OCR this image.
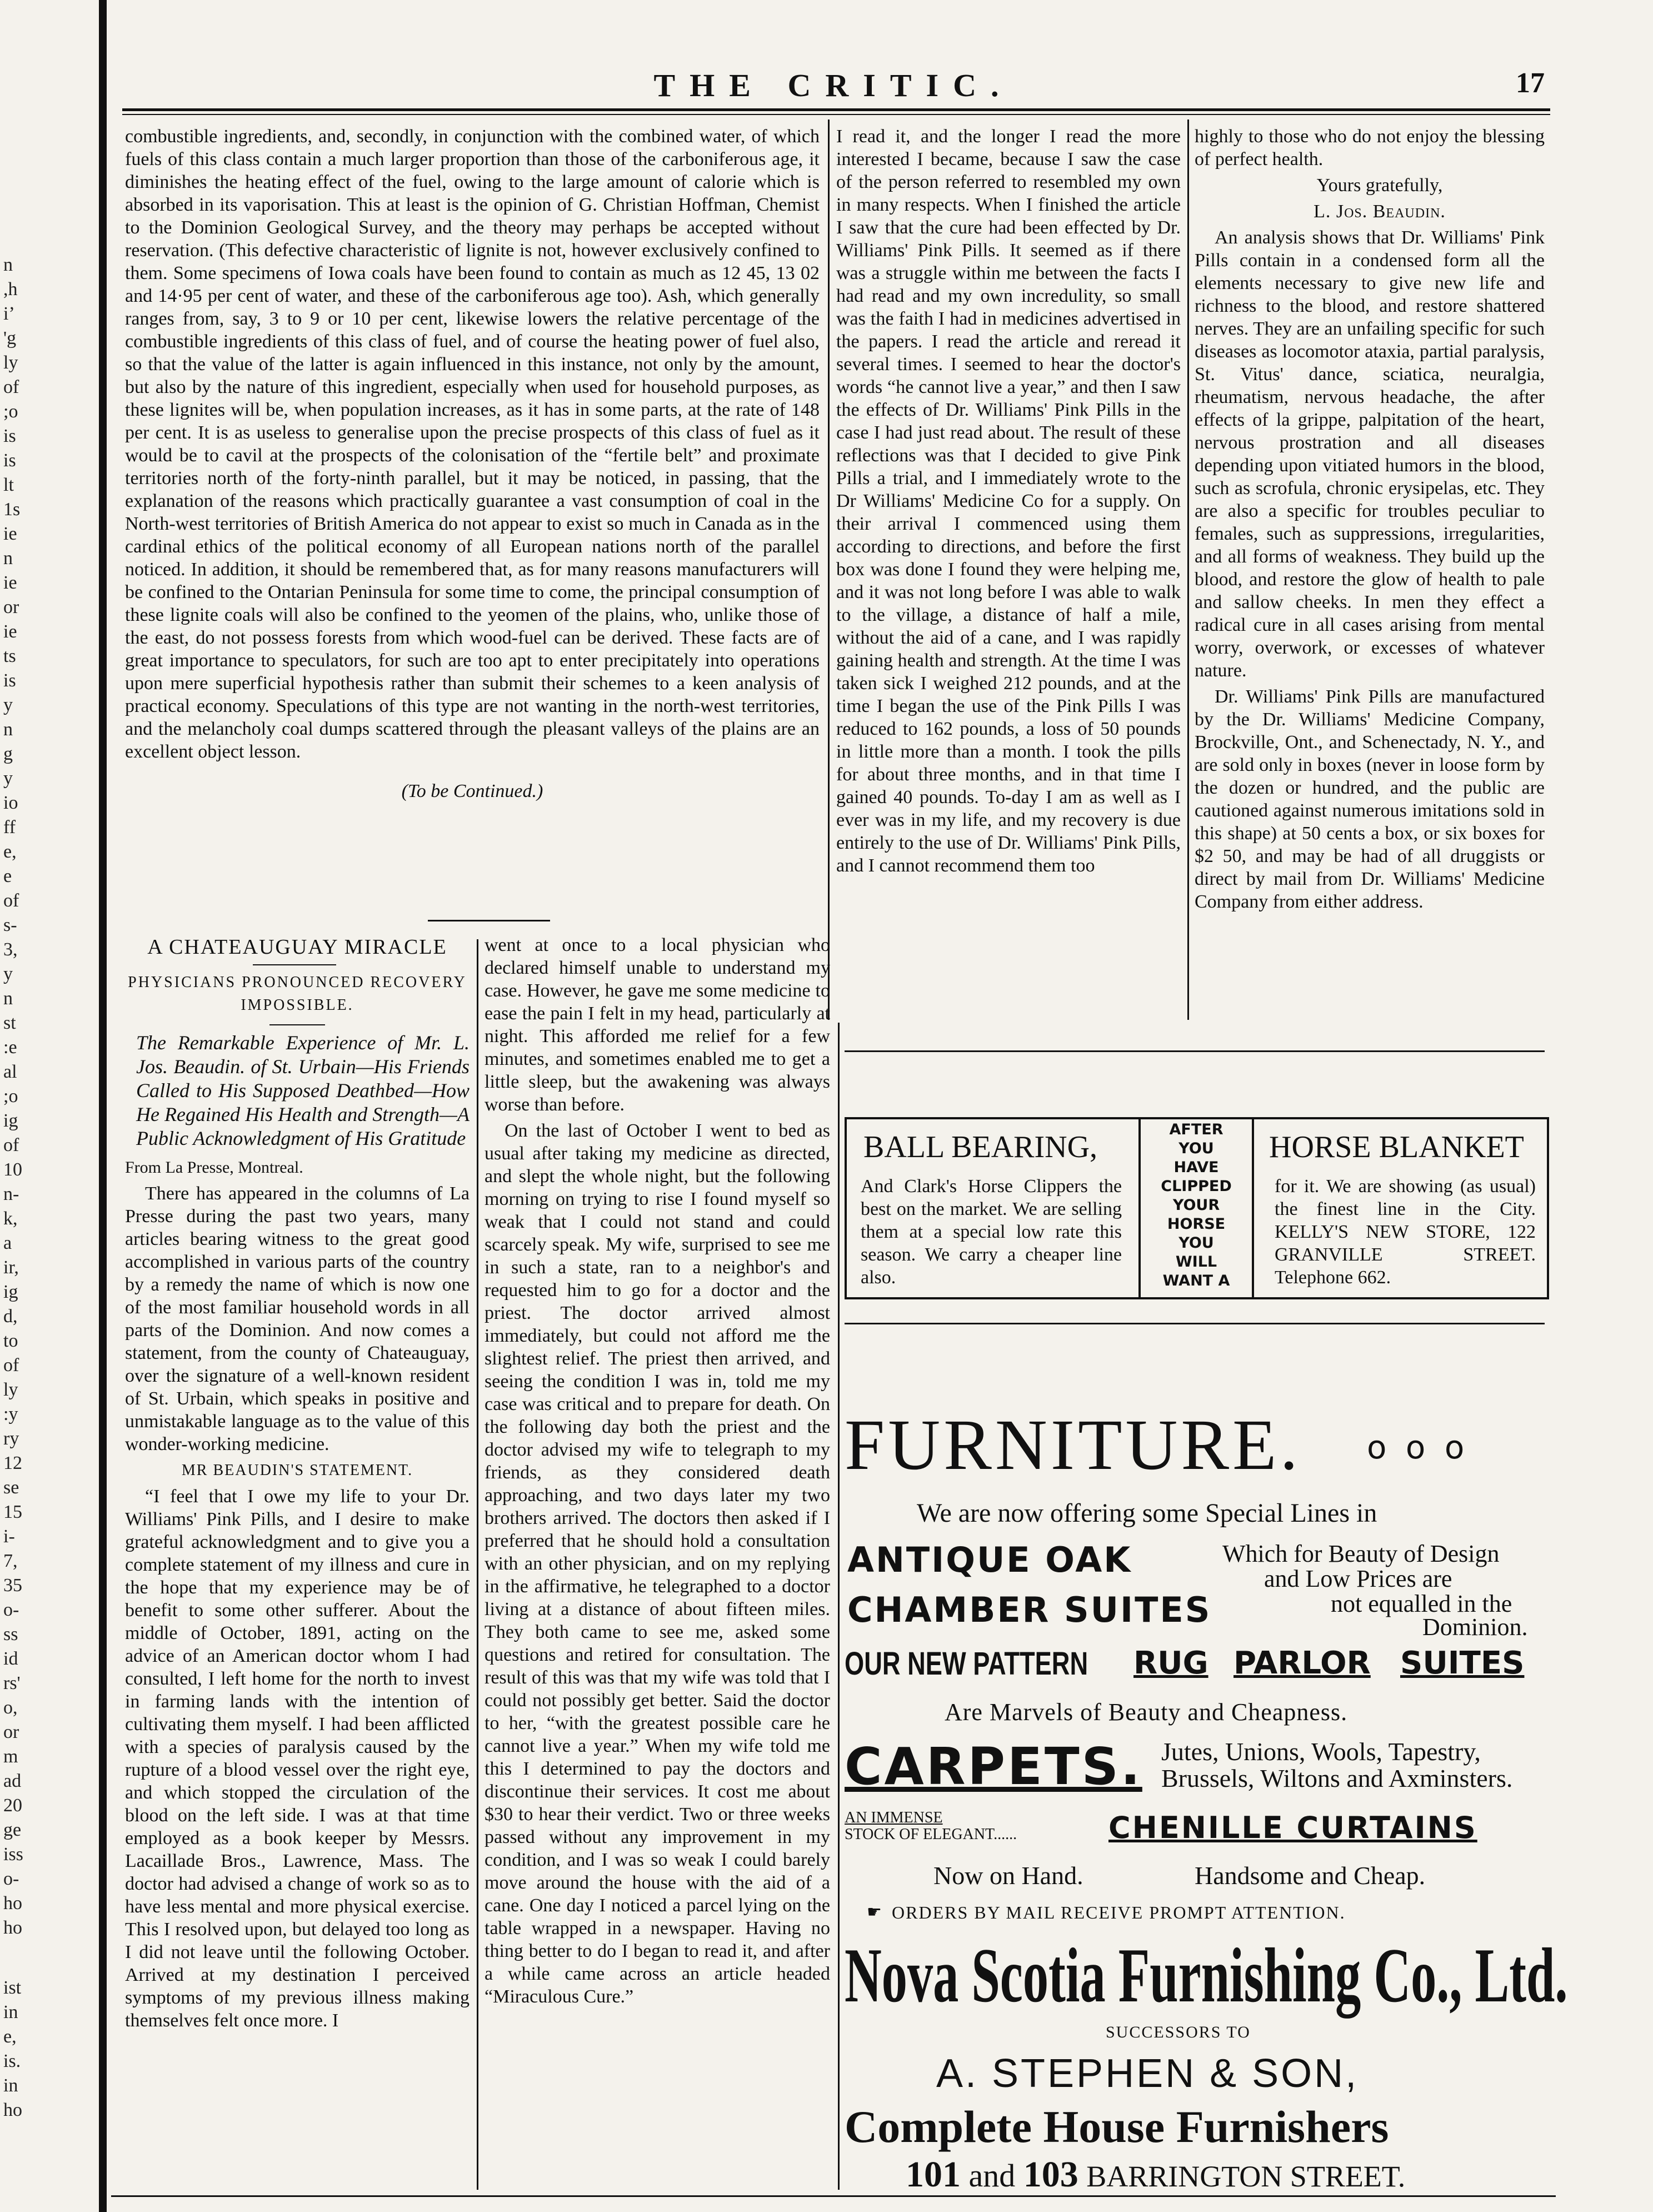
n
,h
iʼ
'g
ly
of
;o
is
is
lt
1s
ie
n
ie
or
ie
ts
is
y
n
g
y
io
ff
e,
e
of
s-
3,
y
n
st
:e
al
;o
ig
of
10
n-
k,
a
ir,
ig
d,
to
of
ly
:y
ry
12
se
15
i-
7,
35
o-
ss
id
rs'
o,
or
m
ad
20
ge
iss
o-
ho
ho
ist
in
e,
is.
in
ho
THE CRITIC.	17

combustible ingredients, and, secondly, in conjunction with the combined water, of which fuels of this class contain a much larger proportion than those of the carboniferous age, it diminishes the heating effect of the fuel, owing to the large amount of calorie which is absorbed in its vaporisation. This at least is the opinion of G. Christian Hoffman, Chemist to the Dominion Geological Survey, and the theory may perhaps be accepted without reservation. (This defective characteristic of lignite is not, however exclusively confined to them. Some specimens of Iowa coals have been found to contain as much as 12 45, 13 02 and 14·95 per cent of water, and these of the carboniferous age too). Ash, which generally ranges from, say, 3 to 9 or 10 per cent, likewise lowers the relative percentage of the combustible ingredients of this class of fuel, and of course the heating power of fuel also, so that the value of the latter is again influenced in this instance, not only by the amount, but also by the nature of this ingredient, especially when used for household purposes, as these lignites will be, when population increases, as it has in some parts, at the rate of 148 per cent. It is as useless to generalise upon the precise prospects of this class of fuel as it would be to cavil at the prospects of the colonisation of the “fertile belt” and proximate territories north of the forty-ninth parallel, but it may be noticed, in passing, that the explanation of the reasons which practically guarantee a vast consumption of coal in the North-west territories of British America do not appear to exist so much in Canada as in the cardinal ethics of the political economy of all European nations north of the parallel noticed. In addition, it should be remembered that, as for many reasons manufacturers will be confined to the Ontarian Peninsula for some time to come, the principal consumption of these lignite coals will also be confined to the yeomen of the plains, who, unlike those of the east, do not possess forests from which wood-fuel can be derived. These facts are of great importance to speculators, for such are too apt to enter precipitately into operations upon mere superficial hypothesis rather than submit their schemes to a keen analysis of practical economy. Speculations of this type are not wanting in the north-west territories, and the melancholy coal dumps scattered through the pleasant valleys of the plains are an excellent object lesson.

(To be Continued.)

A CHATEAUGUAY MIRACLE
PHYSICIANS PRONOUNCED RECOVERY IMPOSSIBLE.

The Remarkable Experience of Mr. L. Jos. Beaudin. of St. Urbain—His Friends Called to His Supposed Deathbed—How He Regained His Health and Strength—A Public Acknowledgment of His Gratitude

From La Presse, Montreal.

There has appeared in the columns of La Presse during the past two years, many articles bearing witness to the great good accomplished in various parts of the country by a remedy the name of which is now one of the most familiar household words in all parts of the Dominion. And now comes a statement, from the county of Chateauguay, over the signature of a well-known resident of St. Urbain, which speaks in positive and unmistakable language as to the value of this wonder-working medicine.

MR BEAUDIN'S STATEMENT.

“I feel that I owe my life to your Dr. Williams' Pink Pills, and I desire to make grateful acknowledgment and to give you a complete statement of my illness and cure in the hope that my experience may be of benefit to some other sufferer. About the middle of October, 1891, acting on the advice of an American doctor whom I had consulted, I left home for the north to invest in farming lands with the intention of cultivating them myself. I had been afflicted with a species of paralysis caused by the rupture of a blood vessel over the right eye, and which stopped the circulation of the blood on the left side. I was at that time employed as a book keeper by Messrs. Lacaillade Bros., Lawrence, Mass. The doctor had advised a change of work so as to have less mental and more physical exercise. This I resolved upon, but delayed too long as I did not leave until the following October. Arrived at my destination I perceived symptoms of my previous illness making themselves felt once more. I

went at once to a local physician who declared himself unable to understand my case. However, he gave me some medicine to ease the pain I felt in my head, particularly at night. This afforded me relief for a few minutes, and sometimes enabled me to get a little sleep, but the awakening was always worse than before.

On the last of October I went to bed as usual after taking my medicine as directed, and slept the whole night, but the following morning on trying to rise I found myself so weak that I could not stand and could scarcely speak. My wife, surprised to see me in such a state, ran to a neighbor's and requested him to go for a doctor and the priest. The doctor arrived almost immediately, but could not afford me the slightest relief. The priest then arrived, and seeing the condition I was in, told me my case was critical and to prepare for death. On the following day both the priest and the doctor advised my wife to telegraph to my friends, as they considered death approaching, and two days later my two brothers arrived. The doctors then asked if I preferred that he should hold a consultation with an other physician, and on my replying in the affirmative, he telegraphed to a doctor living at a distance of about fifteen miles. They both came to see me, asked some questions and retired for consultation. The result of this was that my wife was told that I could not possibly get better. Said the doctor to her, “with the greatest possible care he cannot live a year.” When my wife told me this I determined to pay the doctors and discontinue their services. It cost me about $30 to hear their verdict. Two or three weeks passed without any improvement in my condition, and I was so weak I could barely move around the house with the aid of a cane. One day I noticed a parcel lying on the table wrapped in a newspaper. Having no thing better to do I began to read it, and after a while came across an article headed “Miraculous Cure.”

I read it, and the longer I read the more interested I became, because I saw the case of the person referred to resembled my own in many respects. When I finished the article I saw that the cure had been effected by Dr. Williams' Pink Pills. It seemed as if there was a struggle within me between the facts I had read and my own incredulity, so small was the faith I had in medicines advertised in the papers. I read the article and reread it several times. I seemed to hear the doctor's words “he cannot live a year,” and then I saw the effects of Dr. Williams' Pink Pills in the case I had just read about. The result of these reflections was that I decided to give Pink Pills a trial, and I immediately wrote to the Dr Williams' Medicine Co for a supply. On their arrival I commenced using them according to directions, and before the first box was done I found they were helping me, and it was not long before I was able to walk to the village, a distance of half a mile, without the aid of a cane, and I was rapidly gaining health and strength. At the time I was taken sick I weighed 212 pounds, and at the time I began the use of the Pink Pills I was reduced to 162 pounds, a loss of 50 pounds in little more than a month. I took the pills for about three months, and in that time I gained 40 pounds. To-day I am as well as I ever was in my life, and my recovery is due entirely to the use of Dr. Williams' Pink Pills, and I cannot recommend them too

highly to those who do not enjoy the blessing of perfect health.

Yours gratefully,

L. Jos. Beaudin.

An analysis shows that Dr. Williams' Pink Pills contain in a condensed form all the elements necessary to give new life and richness to the blood, and restore shattered nerves. They are an unfailing specific for such diseases as locomotor ataxia, partial paralysis, St. Vitus' dance, sciatica, neuralgia, rheumatism, nervous headache, the after effects of la grippe, palpitation of the heart, nervous prostration and all diseases depending upon vitiated humors in the blood, such as scrofula, chronic erysipelas, etc. They are also a specific for troubles peculiar to females, such as suppressions, irregularities, and all forms of weakness. They build up the blood, and restore the glow of health to pale and sallow cheeks. In men they effect a radical cure in all cases arising from mental worry, overwork, or excesses of whatever nature.

Dr. Williams' Pink Pills are manufactured by the Dr. Williams' Medicine Company, Brockville, Ont., and Schenectady, N. Y., and are sold only in boxes (never in loose form by the dozen or hundred, and the public are cautioned against numerous imitations sold in this shape) at 50 cents a box, or six boxes for $2 50, and may be had of all druggists or direct by mail from Dr. Williams' Medicine Company from either address.

BALL BEARING,
And Clark's Horse Clippers the best on the market. We are selling them at a special low rate this season. We carry a cheaper line also.
AFTER
YOU
HAVE
CLIPPED
YOUR
HORSE
YOU
WILL
WANT A
HORSE BLANKET
for it. We are showing (as usual) the finest line in the City. KELLY'S NEW STORE, 122 GRANVILLE STREET. Telephone 662.
FURNITURE. o o o
We are now offering some Special Lines in
ANTIQUE OAK	Which for Beauty of Design
and Low Prices are
not equalled in the
Dominion.
CHAMBER SUITES
OUR NEW PATTERN RUG PARLOR SUITES
Are Marvels of Beauty and Cheapness.
CARPETS. Jutes, Unions, Wools, Tapestry,
Brussels, Wiltons and Axminsters.
AN IMMENSE
STOCK OF ELEGANT......	CHENILLE CURTAINS
Now on Hand.	Handsome and Cheap.
☛ ORDERS BY MAIL RECEIVE PROMPT ATTENTION.
Nova Scotia Furnishing Co., Ltd.
SUCCESSORS TO
A. STEPHEN & SON,
Complete House Furnishers
101 and 103 BARRINGTON STREET.
